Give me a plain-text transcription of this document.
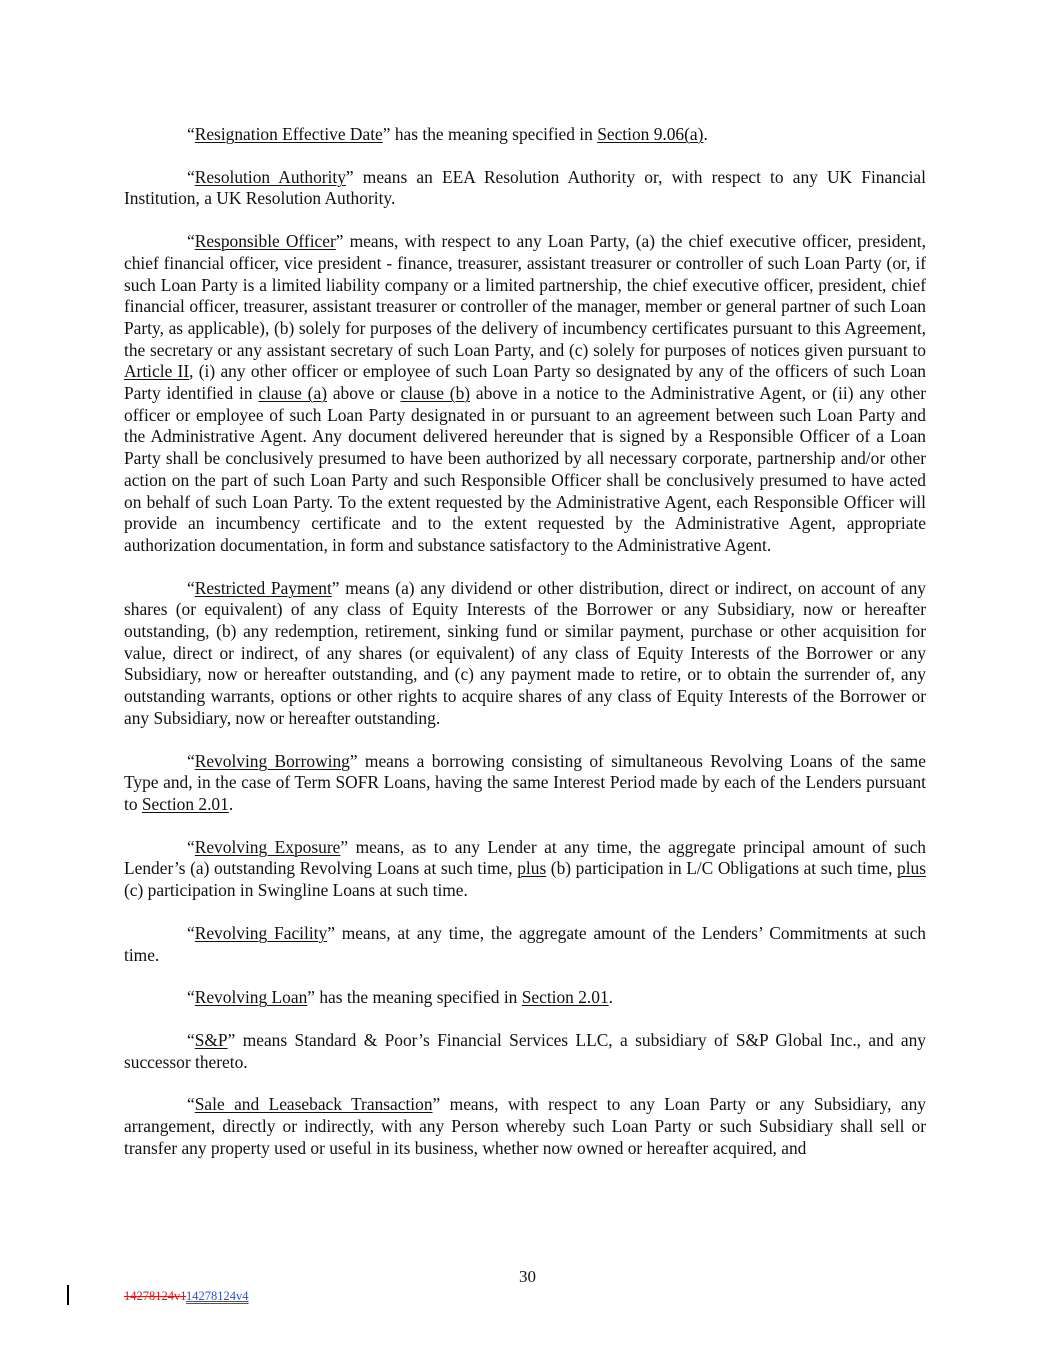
“Resignation Effective Date” has the meaning specified in Section 9.06(a).

“Resolution Authority” means an EEA Resolution Authority or, with respect to any UK Financial Institution, a UK Resolution Authority.

“Responsible Officer” means, with respect to any Loan Party, (a) the chief executive officer, president, chief financial officer, vice president - finance, treasurer, assistant treasurer or controller of such Loan Party (or, if such Loan Party is a limited liability company or a limited partnership, the chief executive officer, president, chief financial officer, treasurer, assistant treasurer or controller of the manager, member or general partner of such Loan Party, as applicable), (b) solely for purposes of the delivery of incumbency certificates pursuant to this Agreement, the secretary or any assistant secretary of such Loan Party, and (c) solely for purposes of notices given pursuant to Article II, (i) any other officer or employee of such Loan Party so designated by any of the officers of such Loan Party identified in clause (a) above or clause (b) above in a notice to the Administrative Agent, or (ii) any other officer or employee of such Loan Party designated in or pursuant to an agreement between such Loan Party and the Administrative Agent. Any document delivered hereunder that is signed by a Responsible Officer of a Loan Party shall be conclusively presumed to have been authorized by all necessary corporate, partnership and/or other action on the part of such Loan Party and such Responsible Officer shall be conclusively presumed to have acted on behalf of such Loan Party. To the extent requested by the Administrative Agent, each Responsible Officer will provide an incumbency certificate and to the extent requested by the Administrative Agent, appropriate authorization documentation, in form and substance satisfactory to the Administrative Agent.

“Restricted Payment” means (a) any dividend or other distribution, direct or indirect, on account of any shares (or equivalent) of any class of Equity Interests of the Borrower or any Subsidiary, now or hereafter outstanding, (b) any redemption, retirement, sinking fund or similar payment, purchase or other acquisition for value, direct or indirect, of any shares (or equivalent) of any class of Equity Interests of the Borrower or any Subsidiary, now or hereafter outstanding, and (c) any payment made to retire, or to obtain the surrender of, any outstanding warrants, options or other rights to acquire shares of any class of Equity Interests of the Borrower or any Subsidiary, now or hereafter outstanding.

“Revolving Borrowing” means a borrowing consisting of simultaneous Revolving Loans of the same Type and, in the case of Term SOFR Loans, having the same Interest Period made by each of the Lenders pursuant to Section 2.01.

“Revolving Exposure” means, as to any Lender at any time, the aggregate principal amount of such Lender’s (a) outstanding Revolving Loans at such time, plus (b) participation in L/C Obligations at such time, plus (c) participation in Swingline Loans at such time.

“Revolving Facility” means, at any time, the aggregate amount of the Lenders’ Commitments at such time.

“Revolving Loan” has the meaning specified in Section 2.01.

“S&P” means Standard & Poor’s Financial Services LLC, a subsidiary of S&P Global Inc., and any successor thereto.

“Sale and Leaseback Transaction” means, with respect to any Loan Party or any Subsidiary, any arrangement, directly or indirectly, with any Person whereby such Loan Party or such Subsidiary shall sell or transfer any property used or useful in its business, whether now owned or hereafter acquired, and

30
14278124v114278124v4
